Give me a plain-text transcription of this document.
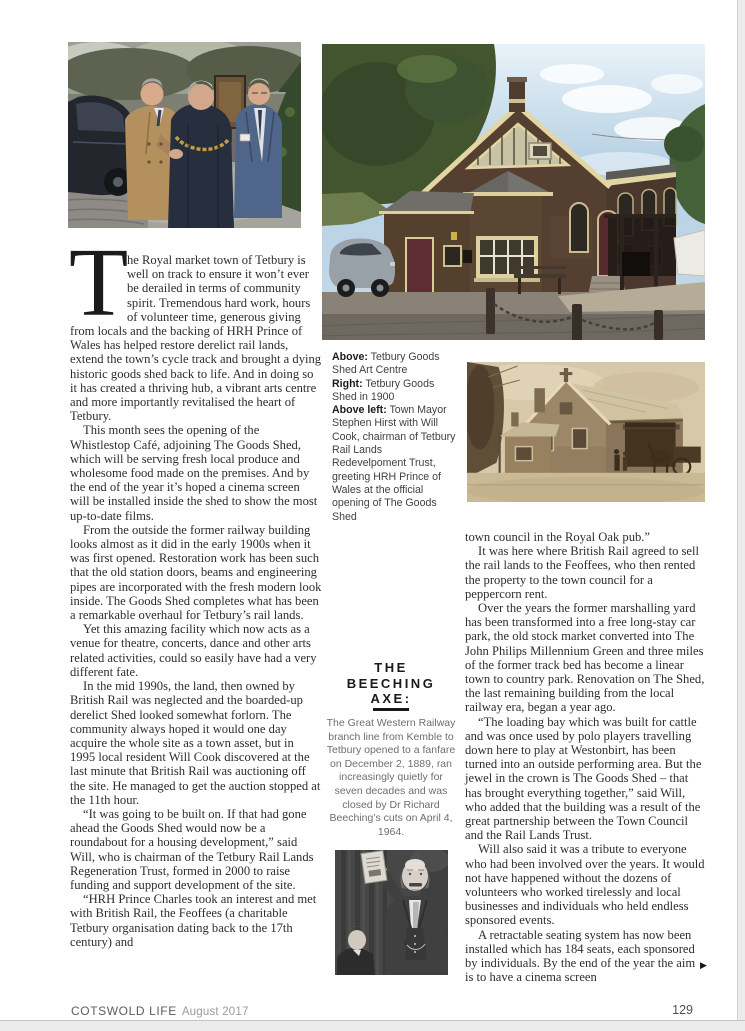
Above: Tetbury Goods Shed Art Centre
Right: Tetbury Goods Shed in 1900
Above left: Town Mayor Stephen Hirst with Will Cook, chairman of Tetbury Rail Lands Redevelpoment Trust, greeting HRH Prince of Wales at the official opening of The Goods Shed
T

he Royal market town of Tetbury is well on track to ensure it won’t ever be derailed in terms of community spirit. Tremendous hard work, hours of volunteer time, generous giving from locals and the backing of HRH Prince of Wales has helped restore derelict rail lands, extend the town’s cycle track and brought a dying historic goods shed back to life. And in doing so it has created a thriving hub, a vibrant arts centre and more importantly revitalised the heart of Tetbury.

This month sees the opening of the Whistlestop Café, adjoining The Goods Shed, which will be serving fresh local produce and wholesome food made on the premises. And by the end of the year it’s hoped a cinema screen will be installed inside the shed to show the most up-to-date films.

From the outside the former railway building looks almost as it did in the early 1900s when it was first opened. Restoration work has been such that the old station doors, beams and engineering pipes are incorporated with the fresh modern look inside. The Goods Shed completes what has been a remarkable overhaul for Tetbury’s rail lands.

Yet this amazing facility which now acts as a venue for theatre, concerts, dance and other arts related activities, could so easily have had a very different fate.

In the mid 1990s, the land, then owned by British Rail was neglected and the boarded-up derelict Shed looked somewhat forlorn. The community always hoped it would one day acquire the whole site as a town asset, but in 1995 local resident Will Cook discovered at the last minute that British Rail was auctioning off the site. He managed to get the auction stopped at the 11th hour.

“It was going to be built on. If that had gone ahead the Goods Shed would now be a roundabout for a housing development,” said Will, who is chairman of the Tetbury Rail Lands Regeneration Trust, formed in 2000 to raise funding and support development of the site.

“HRH Prince Charles took an interest and met with British Rail, the Feoffees (a charitable Tetbury organisation dating back to the 17th century) and

town council in the Royal Oak pub.”

It was here where British Rail agreed to sell the rail lands to the Feoffees, who then rented the property to the town council for a peppercorn rent.

Over the years the former marshalling yard has been transformed into a free long-stay car park, the old stock market converted into The John Philips Millennium Green and three miles of the former track bed has become a linear town to country park. Renovation on The Shed, the last remaining building from the local railway era, began a year ago.

“The loading bay which was built for cattle and was once used by polo players travelling down here to play at Westonbirt, has been turned into an outside performing area. But the jewel in the crown is The Goods Shed – that has brought everything together,” said Will, who added that the building was a result of the great partnership between the Town Council and the Rail Lands Trust.

Will also said it was a tribute to everyone who had been involved over the years. It would not have happened without the dozens of volunteers who worked tirelessly and local businesses and individuals who held endless sponsored events.

A retractable seating system has now been installed which has 184 seats, each sponsored by individuals. By the end of the year the aim is to have a cinema screen

▶
THE BEECHING AXE:
The Great Western Railway branch line from Kemble to Tetbury opened to a fanfare on December 2, 1889, ran increasingly quietly for seven decades and was closed by Dr Richard Beeching’s cuts on April 4, 1964.
COTSWOLD LIFE August 2017	129
